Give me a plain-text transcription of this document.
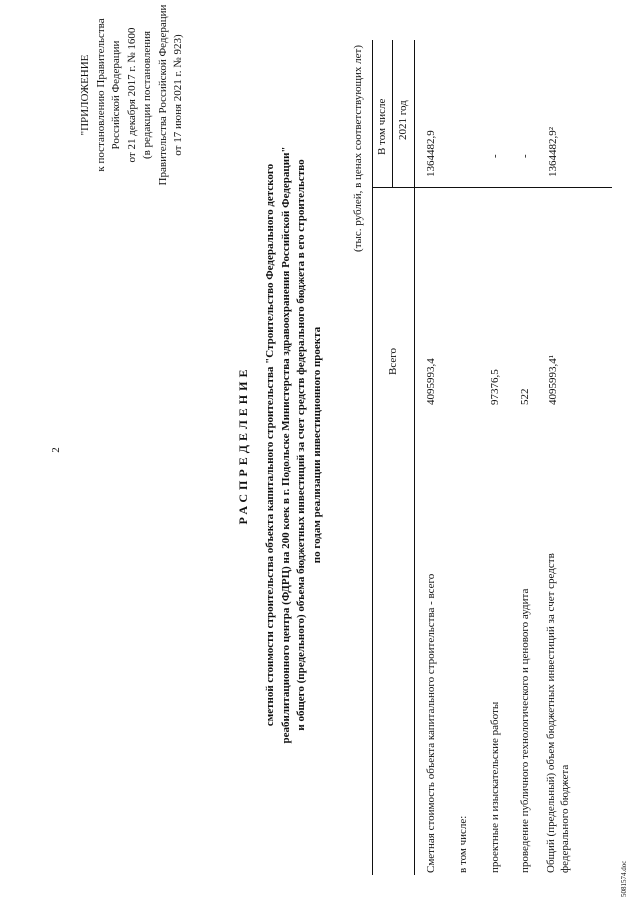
2
"ПРИЛОЖЕНИЕ к постановлению Правительства Российской Федерации от 21 декабря 2017 г. № 1600 (в редакции постановления Правительства Российской Федерации от 17 июня 2021 г. № 923)
РАСПРЕДЕЛЕНИЕ сметной стоимости строительства объекта капитального строительства "Строительство Федерального детского реабилитационного центра (ФДРЦ) на 200 коек в г. Подольске Министерства здравоохранения Российской Федерации" и общего (предельного) объема бюджетных инвестиций за счет средств федерального бюджета в его строительство по годам реализации инвестиционного проекта
(тыс. рублей, в ценах соответствующих лет)
Всего
В том числе 2021 год
Сметная стоимость объекта капитального строительства - всего
4095993,4
1364482,9
в том числе: проектные и изыскательские работы
97376,5
-
проведение публичного технологического и ценового аудита
522
-
Общий (предельный) объем бюджетных инвестиций за счет средств федерального бюджета
4095993,4¹
1364482,9²
5081574.doc
